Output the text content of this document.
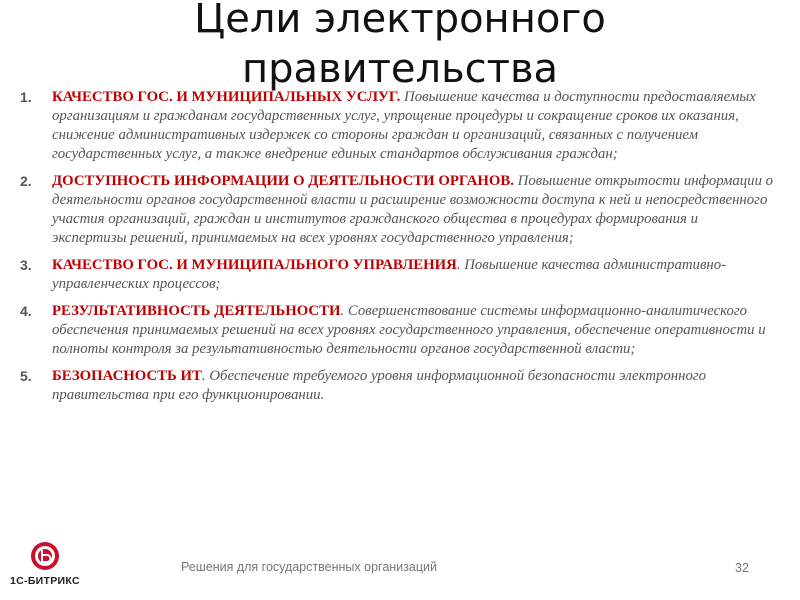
Цели электронного
правительства
1. КАЧЕСТВО ГОС. И МУНИЦИПАЛЬНЫХ УСЛУГ. Повышение качества и доступности предоставляемых организациям и гражданам государственных услуг, упрощение процедуры и сокращение сроков их оказания, снижение административных издержек со стороны граждан и организаций, связанных с получением государственных услуг, а также внедрение единых стандартов обслуживания граждан;
2. ДОСТУПНОСТЬ ИНФОРМАЦИИ О ДЕЯТЕЛЬНОСТИ ОРГАНОВ. Повышение открытости информации о деятельности органов государственной власти и расширение возможности доступа к ней и непосредственного участия организаций, граждан и институтов гражданского общества в процедурах формирования и экспертизы решений, принимаемых на всех уровнях государственного управления;
3. КАЧЕСТВО ГОС. И МУНИЦИПАЛЬНОГО УПРАВЛЕНИЯ. Повышение качества административно-управленческих процессов;
4. РЕЗУЛЬТАТИВНОСТЬ ДЕЯТЕЛЬНОСТИ. Совершенствование системы информационно-аналитического обеспечения принимаемых решений на всех уровнях государственного управления, обеспечение оперативности и полноты контроля за результативностью деятельности органов государственной власти;
5. БЕЗОПАСНОСТЬ ИТ. Обеспечение требуемого уровня информационной безопасности электронного правительства при его функционировании.
1С-БИТРИКС
Решения для государственных организаций	32
